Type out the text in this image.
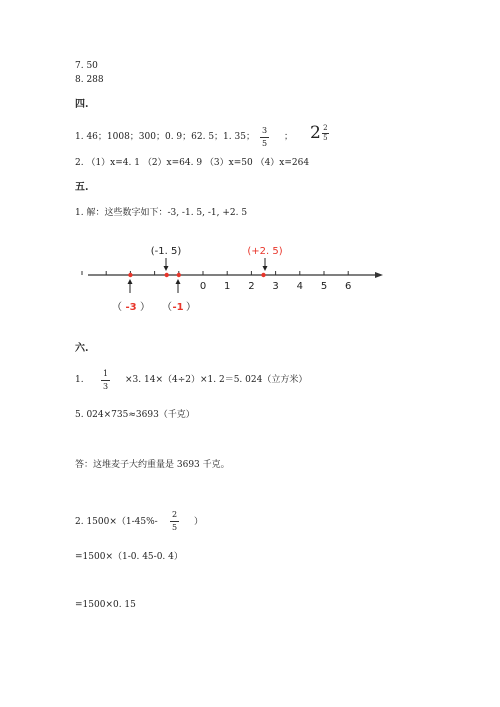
7. 50
8. 288
四.
1. 46；1008；300；0. 9；62. 5；1. 35；
3
5
； $2 \frac{2}{5}$
2. （1）x=4. 1 （2）x=64. 9 （3）x=50 （4）x=264
五.
1. 解：这些数字如下：-3, -1. 5, -1, +2. 5
0 1 2 3 4 5 6
(-1. 5)	(+2. 5)
（ -3 ） （ -1 ）
六.
1.
1
3
×3. 14×（4÷2）×1. 2＝5. 024（立方米）
5. 024×735≈3693（千克）
答：这堆麦子大约重量是 3693 千克。
2. 1500×（1-45%-
2
5
）
=1500×（1-0. 45-0. 4）
=1500×0. 15
